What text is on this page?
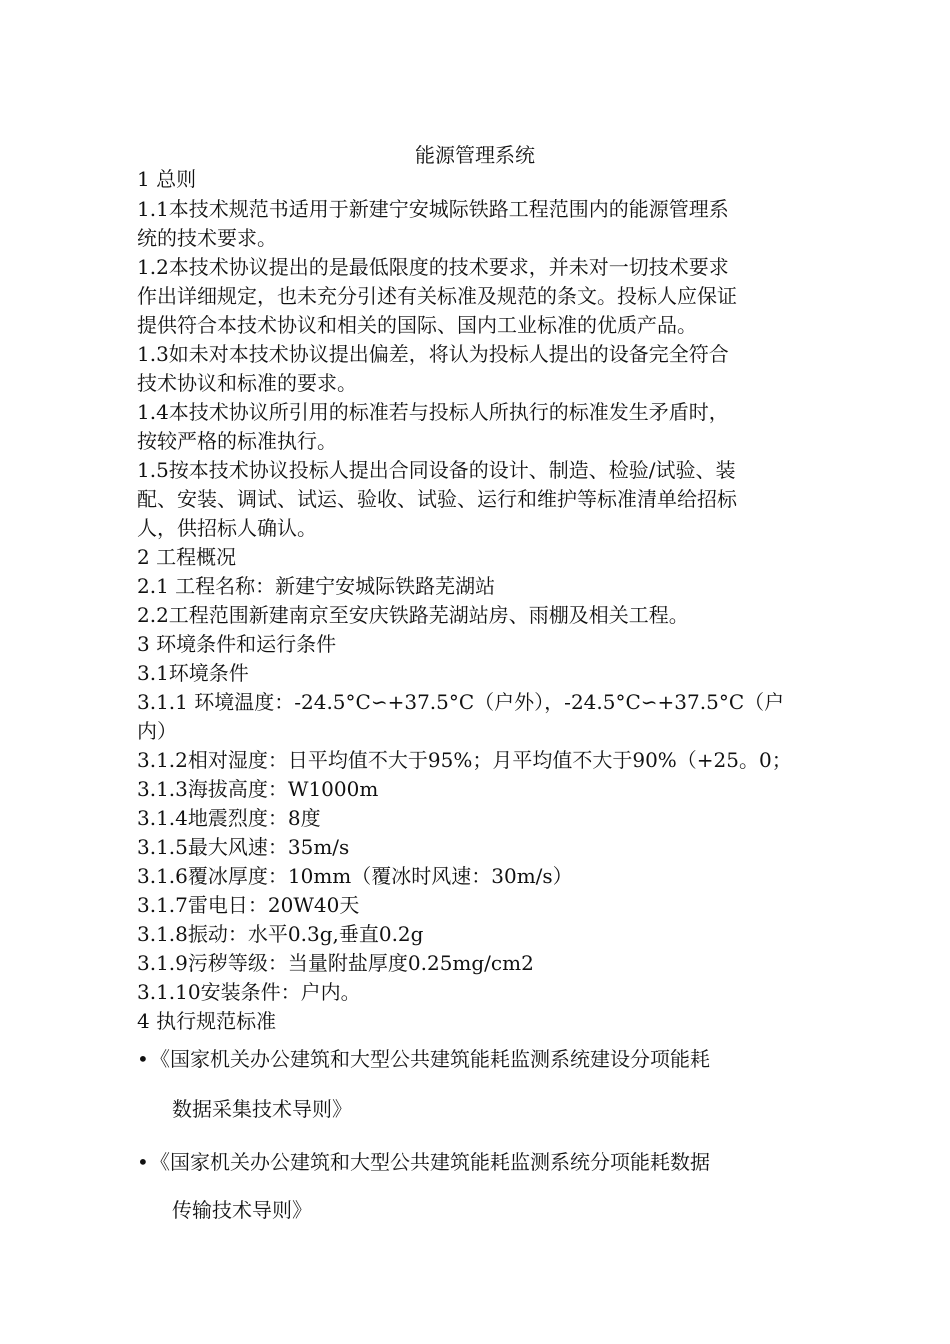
能源管理系统
1 总则
1.1本技术规范书适用于新建宁安城际铁路工程范围内的能源管理系
统的技术要求。
1.2本技术协议提出的是最低限度的技术要求，并未对一切技术要求
作出详细规定，也未充分引述有关标准及规范的条文。投标人应保证
提供符合本技术协议和相关的国际、国内工业标准的优质产品。
1.3如未对本技术协议提出偏差，将认为投标人提出的设备完全符合
技术协议和标准的要求。
1.4本技术协议所引用的标准若与投标人所执行的标准发生矛盾时，
按较严格的标准执行。
1.5按本技术协议投标人提出合同设备的设计、制造、检验/试验、装
配、安装、调试、试运、验收、试验、运行和维护等标准清单给招标
人，供招标人确认。
2 工程概况
2.1 工程名称：新建宁安城际铁路芜湖站
2.2工程范围新建南京至安庆铁路芜湖站房、雨棚及相关工程。
3 环境条件和运行条件
3.1环境条件
3.1.1 环境温度：-24.5°C∽+37.5°C（户外），-24.5°C∽+37.5°C（户
内）
3.1.2相对湿度：日平均值不大于95%；月平均值不大于90%（+25。0；
3.1.3海拔高度：W1000m
3.1.4地震烈度：8度
3.1.5最大风速：35m/s
3.1.6覆冰厚度：10mm（覆冰时风速：30m/s）
3.1.7雷电日：20W40天
3.1.8振动：水平0.3g,垂直0.2g
3.1.9污秽等级：当量附盐厚度0.25mg/cm2
3.1.10安装条件：户内。
4 执行规范标准
• 《国家机关办公建筑和大型公共建筑能耗监测系统建设分项能耗
数据采集技术导则》
• 《国家机关办公建筑和大型公共建筑能耗监测系统分项能耗数据
传输技术导则》
